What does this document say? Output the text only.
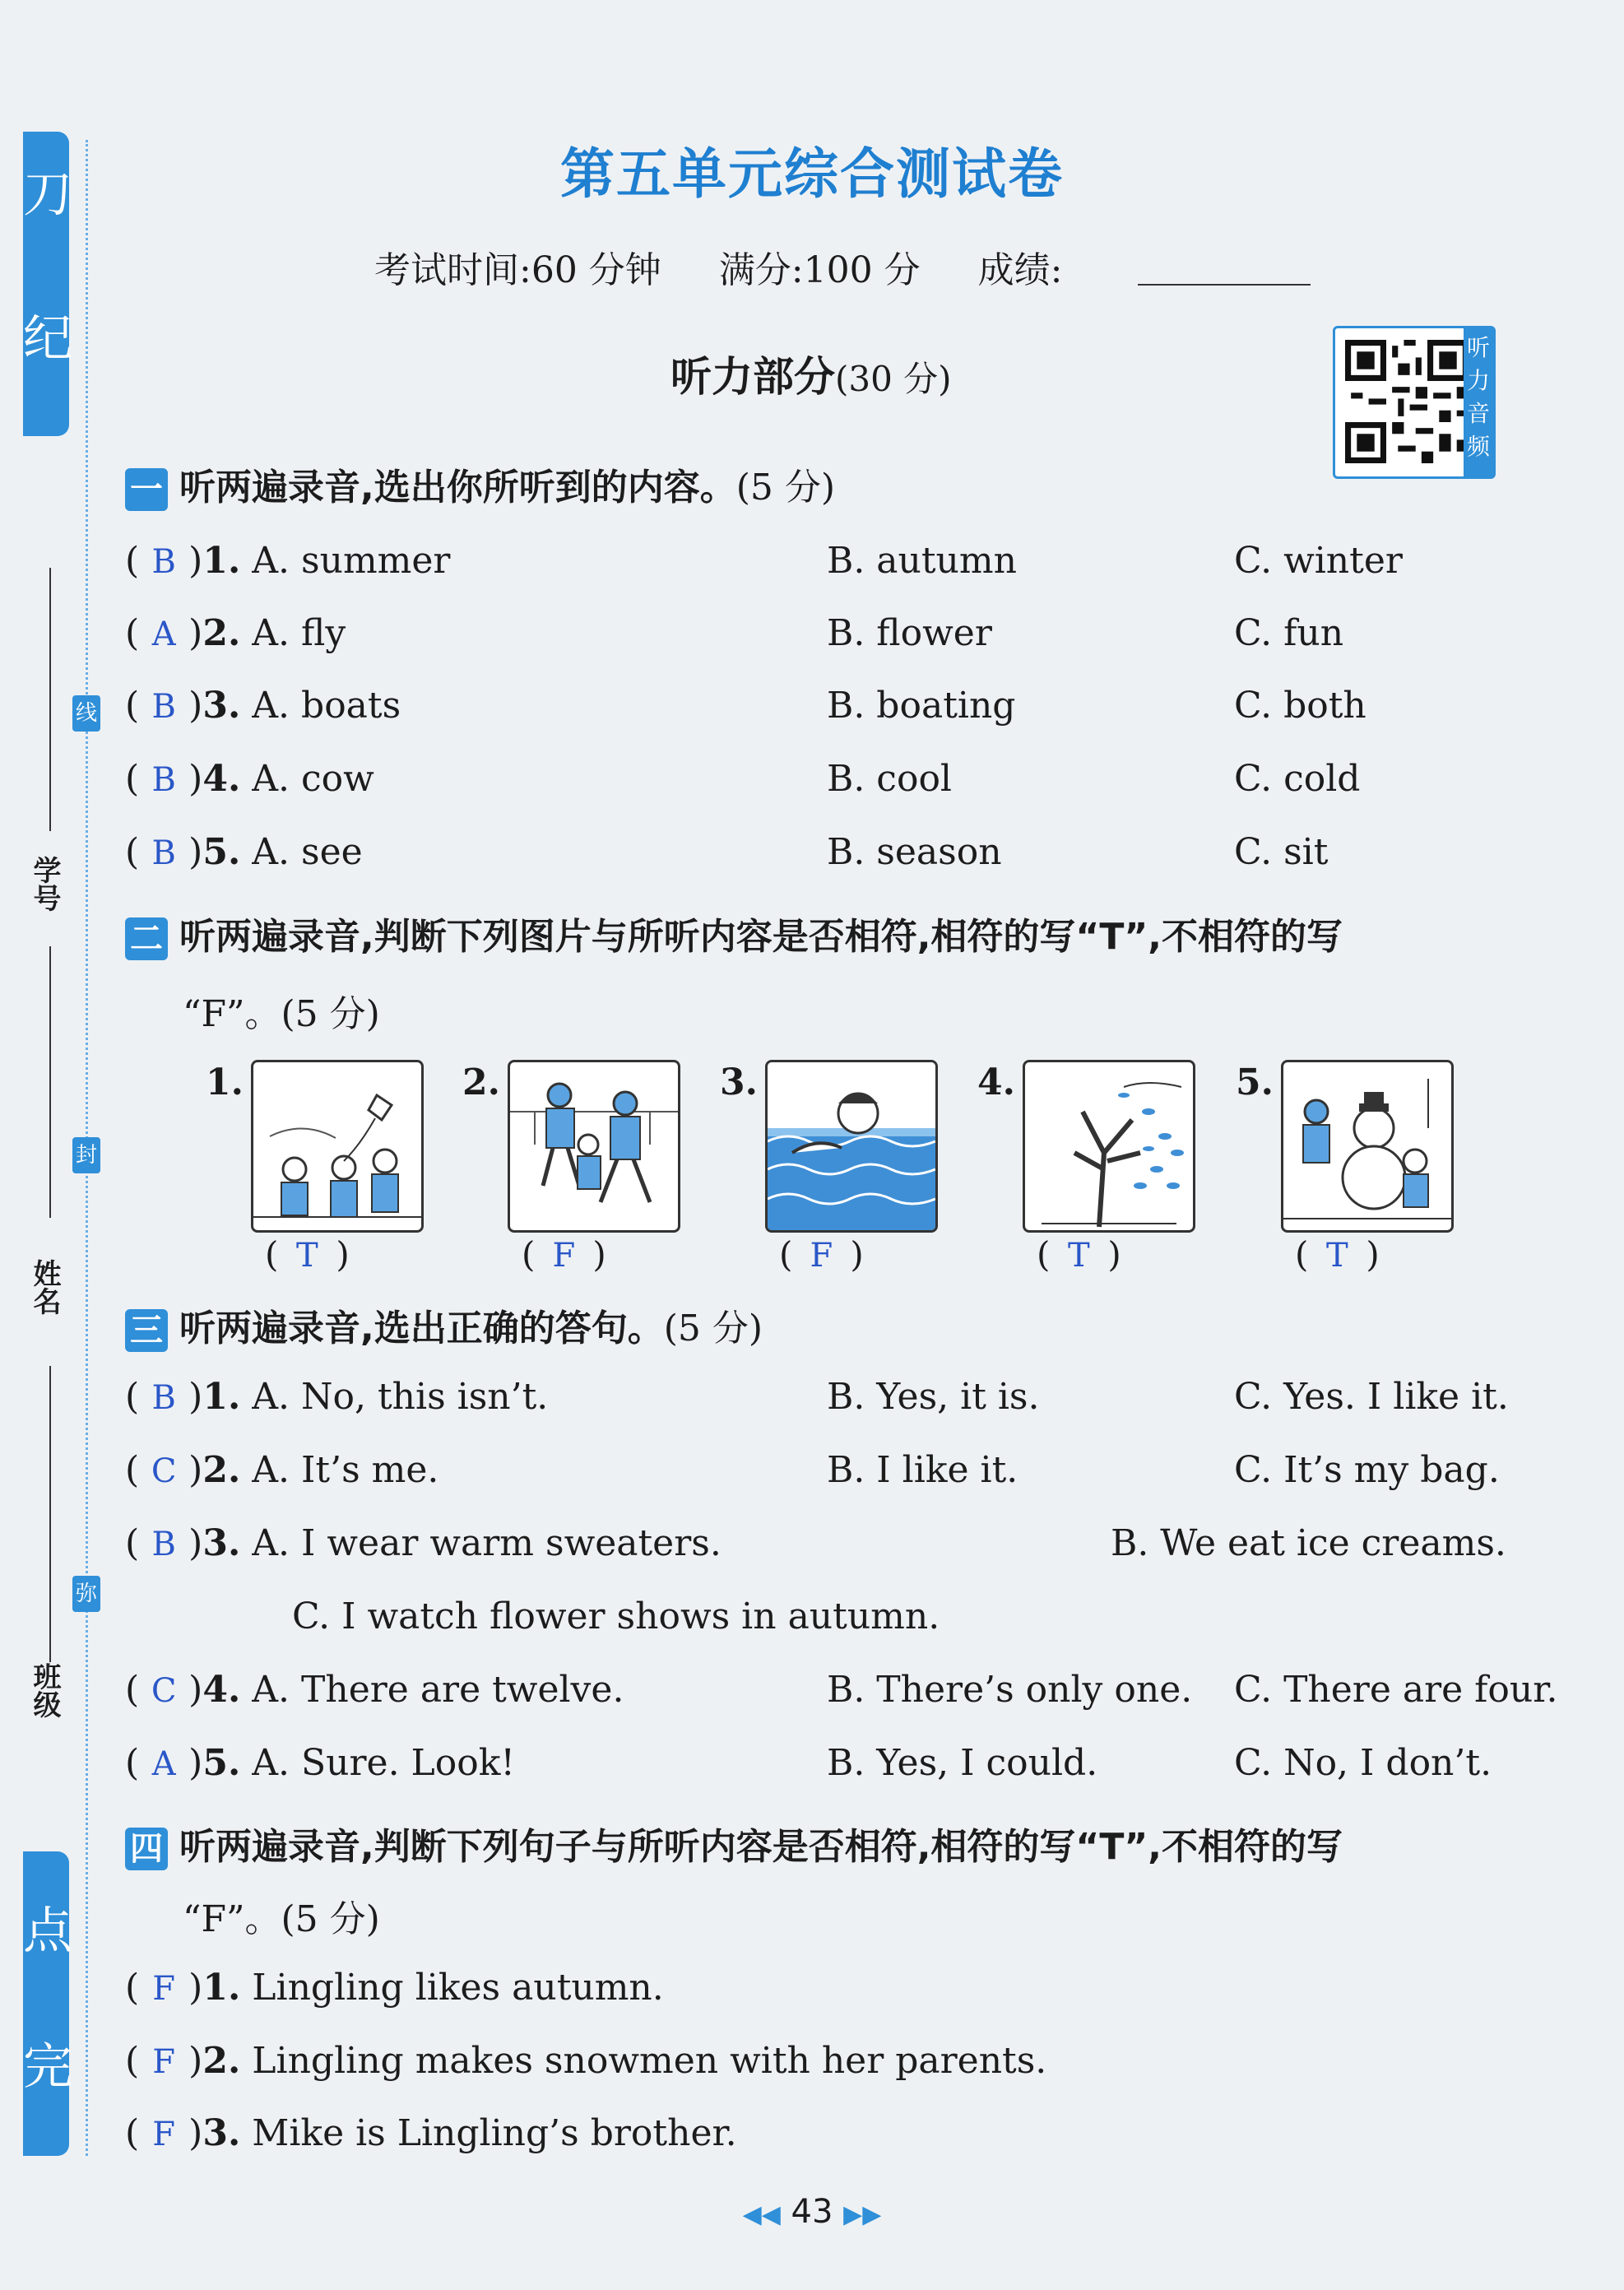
刀
纪
点
完
线
封
弥
学号
姓名
班级
第五单元综合测试卷
考试时间:60 分钟 满分:100 分 成绩:
听力部分(30 分)
听
力
音
频
一 听两遍录音,选出你所听到的内容。(5 分)
( B )1. A. summer	B. autumn	C. winter
( A )2. A. fly	B. flower	C. fun
( B )3. A. boats	B. boating	C. both
( B )4. A. cow	B. cool	C. cold
( B )5. A. see	B. season	C. sit
二 听两遍录音,判断下列图片与所听内容是否相符,相符的写“T”,不相符的写
“F”。(5 分)
1.	2.	3.	4.	5.
( T )	( F )	( F )	( T )	( T )
三 听两遍录音,选出正确的答句。(5 分)
( B )1. A. No, this isn’t.	B. Yes, it is.	C. Yes. I like it.
( C )2. A. It’s me.	B. I like it.	C. It’s my bag.
( B )3. A. I wear warm sweaters.	B. We eat ice creams.
C. I watch flower shows in autumn.
( C )4. A. There are twelve.	B. There’s only one. C. There are four.
( A )5. A. Sure. Look!	B. Yes, I could.	C. No, I don’t.
四 听两遍录音,判断下列句子与所听内容是否相符,相符的写“T”,不相符的写
“F”。(5 分)
( F )1. Lingling likes autumn.
( F )2. Lingling makes snowmen with her parents.
( F )3. Mike is Lingling’s brother.
◀◀ 43 ▶▶
